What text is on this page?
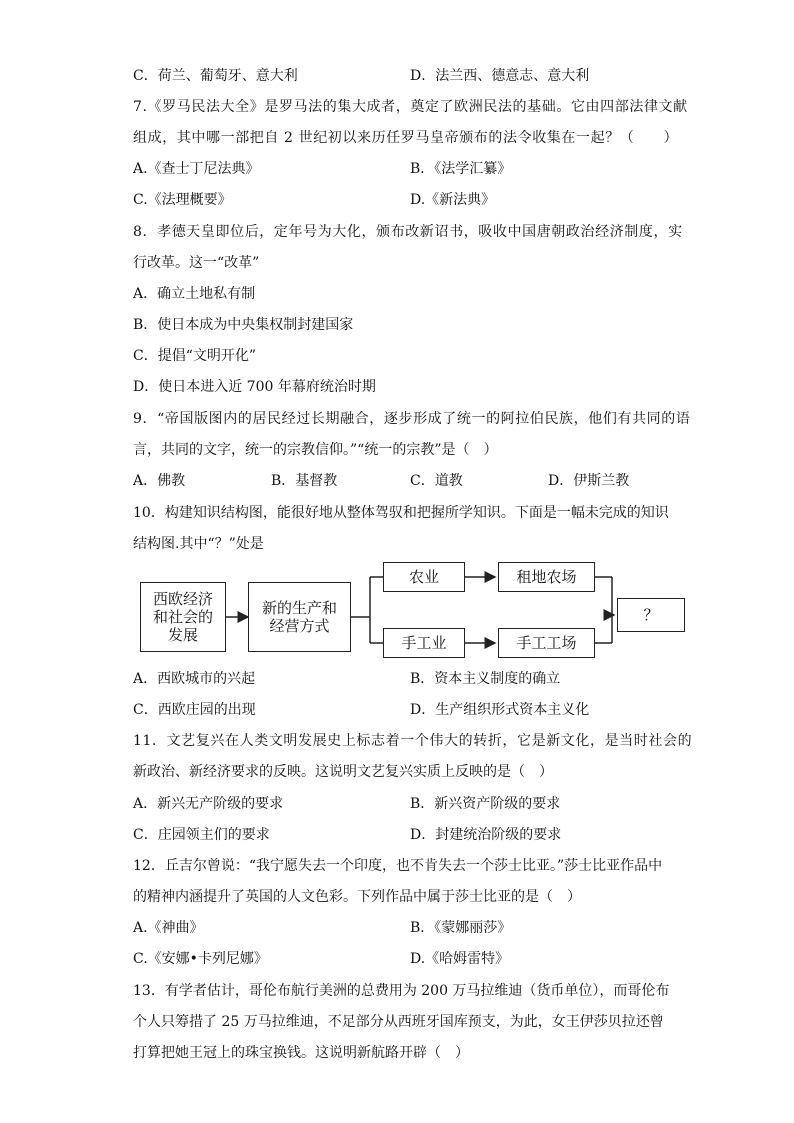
C．荷兰、葡萄牙、意大利	D．法兰西、德意志、意大利
7.《罗马民法大全》是罗马法的集大成者，奠定了欧洲民法的基础。它由四部法律文献
组成，其中哪一部把自 2 世纪初以来历任罗马皇帝颁布的法令收集在一起？（　　）
A.《查士丁尼法典》	B．《法学汇纂》
C.《法理概要》	D.《新法典》
8．孝德天皇即位后，定年号为大化，颁布改新诏书，吸收中国唐朝政治经济制度，实
行改革。这一“改革”
A．确立土地私有制
B．使日本成为中央集权制封建国家
C．提倡“文明开化”
D．使日本进入近 700 年幕府统治时期
9．“帝国版图内的居民经过长期融合，逐步形成了统一的阿拉伯民族，他们有共同的语
言，共同的文字，统一的宗教信仰。”“统一的宗教”是（　）
A．佛教	B．基督教	C．道教	D．伊斯兰教
10．构建知识结构图，能很好地从整体驾驭和把握所学知识。下面是一幅未完成的知识
结构图.其中“？”处是
西欧经济
和社会的
发展
新的生产和
经营方式
农业
手工业
租地农场
手工工场
？
A．西欧城市的兴起	B．资本主义制度的确立
C．西欧庄园的出现	D．生产组织形式资本主义化
11．文艺复兴在人类文明发展史上标志着一个伟大的转折，它是新文化，是当时社会的
新政治、新经济要求的反映。这说明文艺复兴实质上反映的是（　）
A．新兴无产阶级的要求	B．新兴资产阶级的要求
C．庄园领主们的要求	D．封建统治阶级的要求
12．丘吉尔曾说：“我宁愿失去一个印度，也不肯失去一个莎士比亚。”莎士比亚作品中
的精神内涵提升了英国的人文色彩。下列作品中属于莎士比亚的是（　）
A.《神曲》	B．《蒙娜丽莎》
C.《安娜•卡列尼娜》	D.《哈姆雷特》
13．有学者估计，哥伦布航行美洲的总费用为 200 万马拉维迪（货币单位），而哥伦布
个人只筹措了 25 万马拉维迪，不足部分从西班牙国库预支，为此，女王伊莎贝拉还曾
打算把她王冠上的珠宝换钱。这说明新航路开辟（　）
